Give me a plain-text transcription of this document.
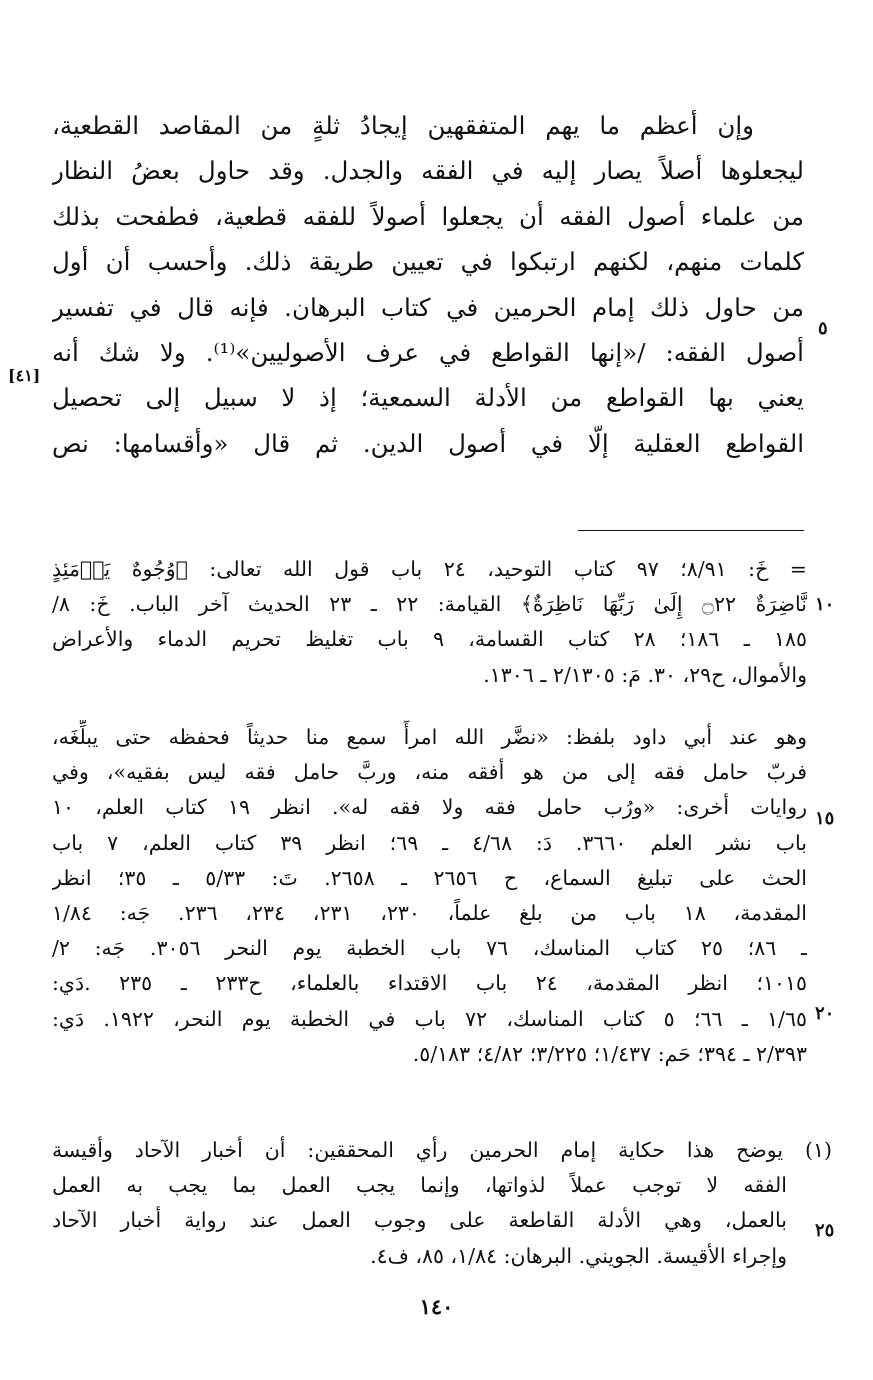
وإن أعظم ما يهم المتفقهين إيجادُ ثلةٍ من المقاصد القطعية،
ليجعلوها أصلاً يصار إليه في الفقه والجدل. وقد حاول بعضُ النظار
من علماء أصول الفقه أن يجعلوا أصولاً للفقه قطعية، فطفحت بذلك
كلمات منهم، لكنهم ارتبكوا في تعيين طريقة ذلك. وأحسب أن أول
من حاول ذلك إمام الحرمين في كتاب البرهان. فإنه قال في تفسير
أصول الفقه: /«إنها القواطع في عرف الأصوليين»⁽¹⁾. ولا شك أنه
يعني بها القواطع من الأدلة السمعية؛ إذ لا سبيل إلى تحصيل
القواطع العقلية إلّا في أصول الدين. ثم قال «وأقسامها: نص
٥
[٤١]
= خَ: ٨/٩١؛ ٩٧ كتاب التوحيد، ٢٤ باب قول الله تعالى: ﴿وُجُوهٌ يَوۡمَئِذٍ
نَّاضِرَةٌ ۝٢٢ إِلَىٰ رَبِّهَا نَاظِرَةٌ﴾ القيامة: ٢٢ ـ ٢٣ الحديث آخر الباب. خَ: ٨/
١٨٥ ـ ١٨٦؛ ٢٨ كتاب القسامة، ٩ باب تغليظ تحريم الدماء والأعراض
والأموال، ح٢٩، ٣٠. مَ: ٢/١٣٠٥ ـ ١٣٠٦.
وهو عند أبي داود بلفظ: «نضَّر الله امرأً سمع منا حديثاً فحفظه حتى يبلِّغَه،
فربّ حامل فقه إلى من هو أفقه منه، وربَّ حامل فقه ليس بفقيه»، وفي
روايات أخرى: «ورُب حامل فقه ولا فقه له». انظر ١٩ كتاب العلم، ١٠
باب نشر العلم ٣٦٦٠. دَ: ٤/٦٨ ـ ٦٩؛ انظر ٣٩ كتاب العلم، ٧ باب
الحث على تبليغ السماع، ح ٢٦٥٦ ـ ٢٦٥٨. تَ: ٥/٣٣ ـ ٣٥؛ انظر
المقدمة، ١٨ باب من بلغ علماً، ٢٣٠، ٢٣١، ٢٣٤، ٢٣٦. جَه: ١/٨٤
ـ ٨٦؛ ٢٥ كتاب المناسك، ٧٦ باب الخطبة يوم النحر ٣٠٥٦. جَه: ٢/
١٠١٥؛ انظر المقدمة، ٢٤ باب الاقتداء بالعلماء، ح٢٣٣ ـ ٢٣٥ .دَي:
١/٦٥ ـ ٦٦؛ ٥ كتاب المناسك، ٧٢ باب في الخطبة يوم النحر، ١٩٢٢. دَي:
٢/٣٩٣ ـ ٣٩٤؛ حَم: ١/٤٣٧؛ ٣/٢٢٥؛ ٤/٨٢؛ ٥/١٨٣.
(١) يوضح هذا حكاية إمام الحرمين رأي المحققين: أن أخبار الآحاد وأقيسة
الفقه لا توجب عملاً لذواتها، وإنما يجب العمل بما يجب به العمل
بالعمل، وهي الأدلة القاطعة على وجوب العمل عند رواية أخبار الآحاد
وإجراء الأقيسة. الجويني. البرهان: ١/٨٤، ٨٥، ف٤.
١٠
١٥
٢٠
٢٥
١٤٠
